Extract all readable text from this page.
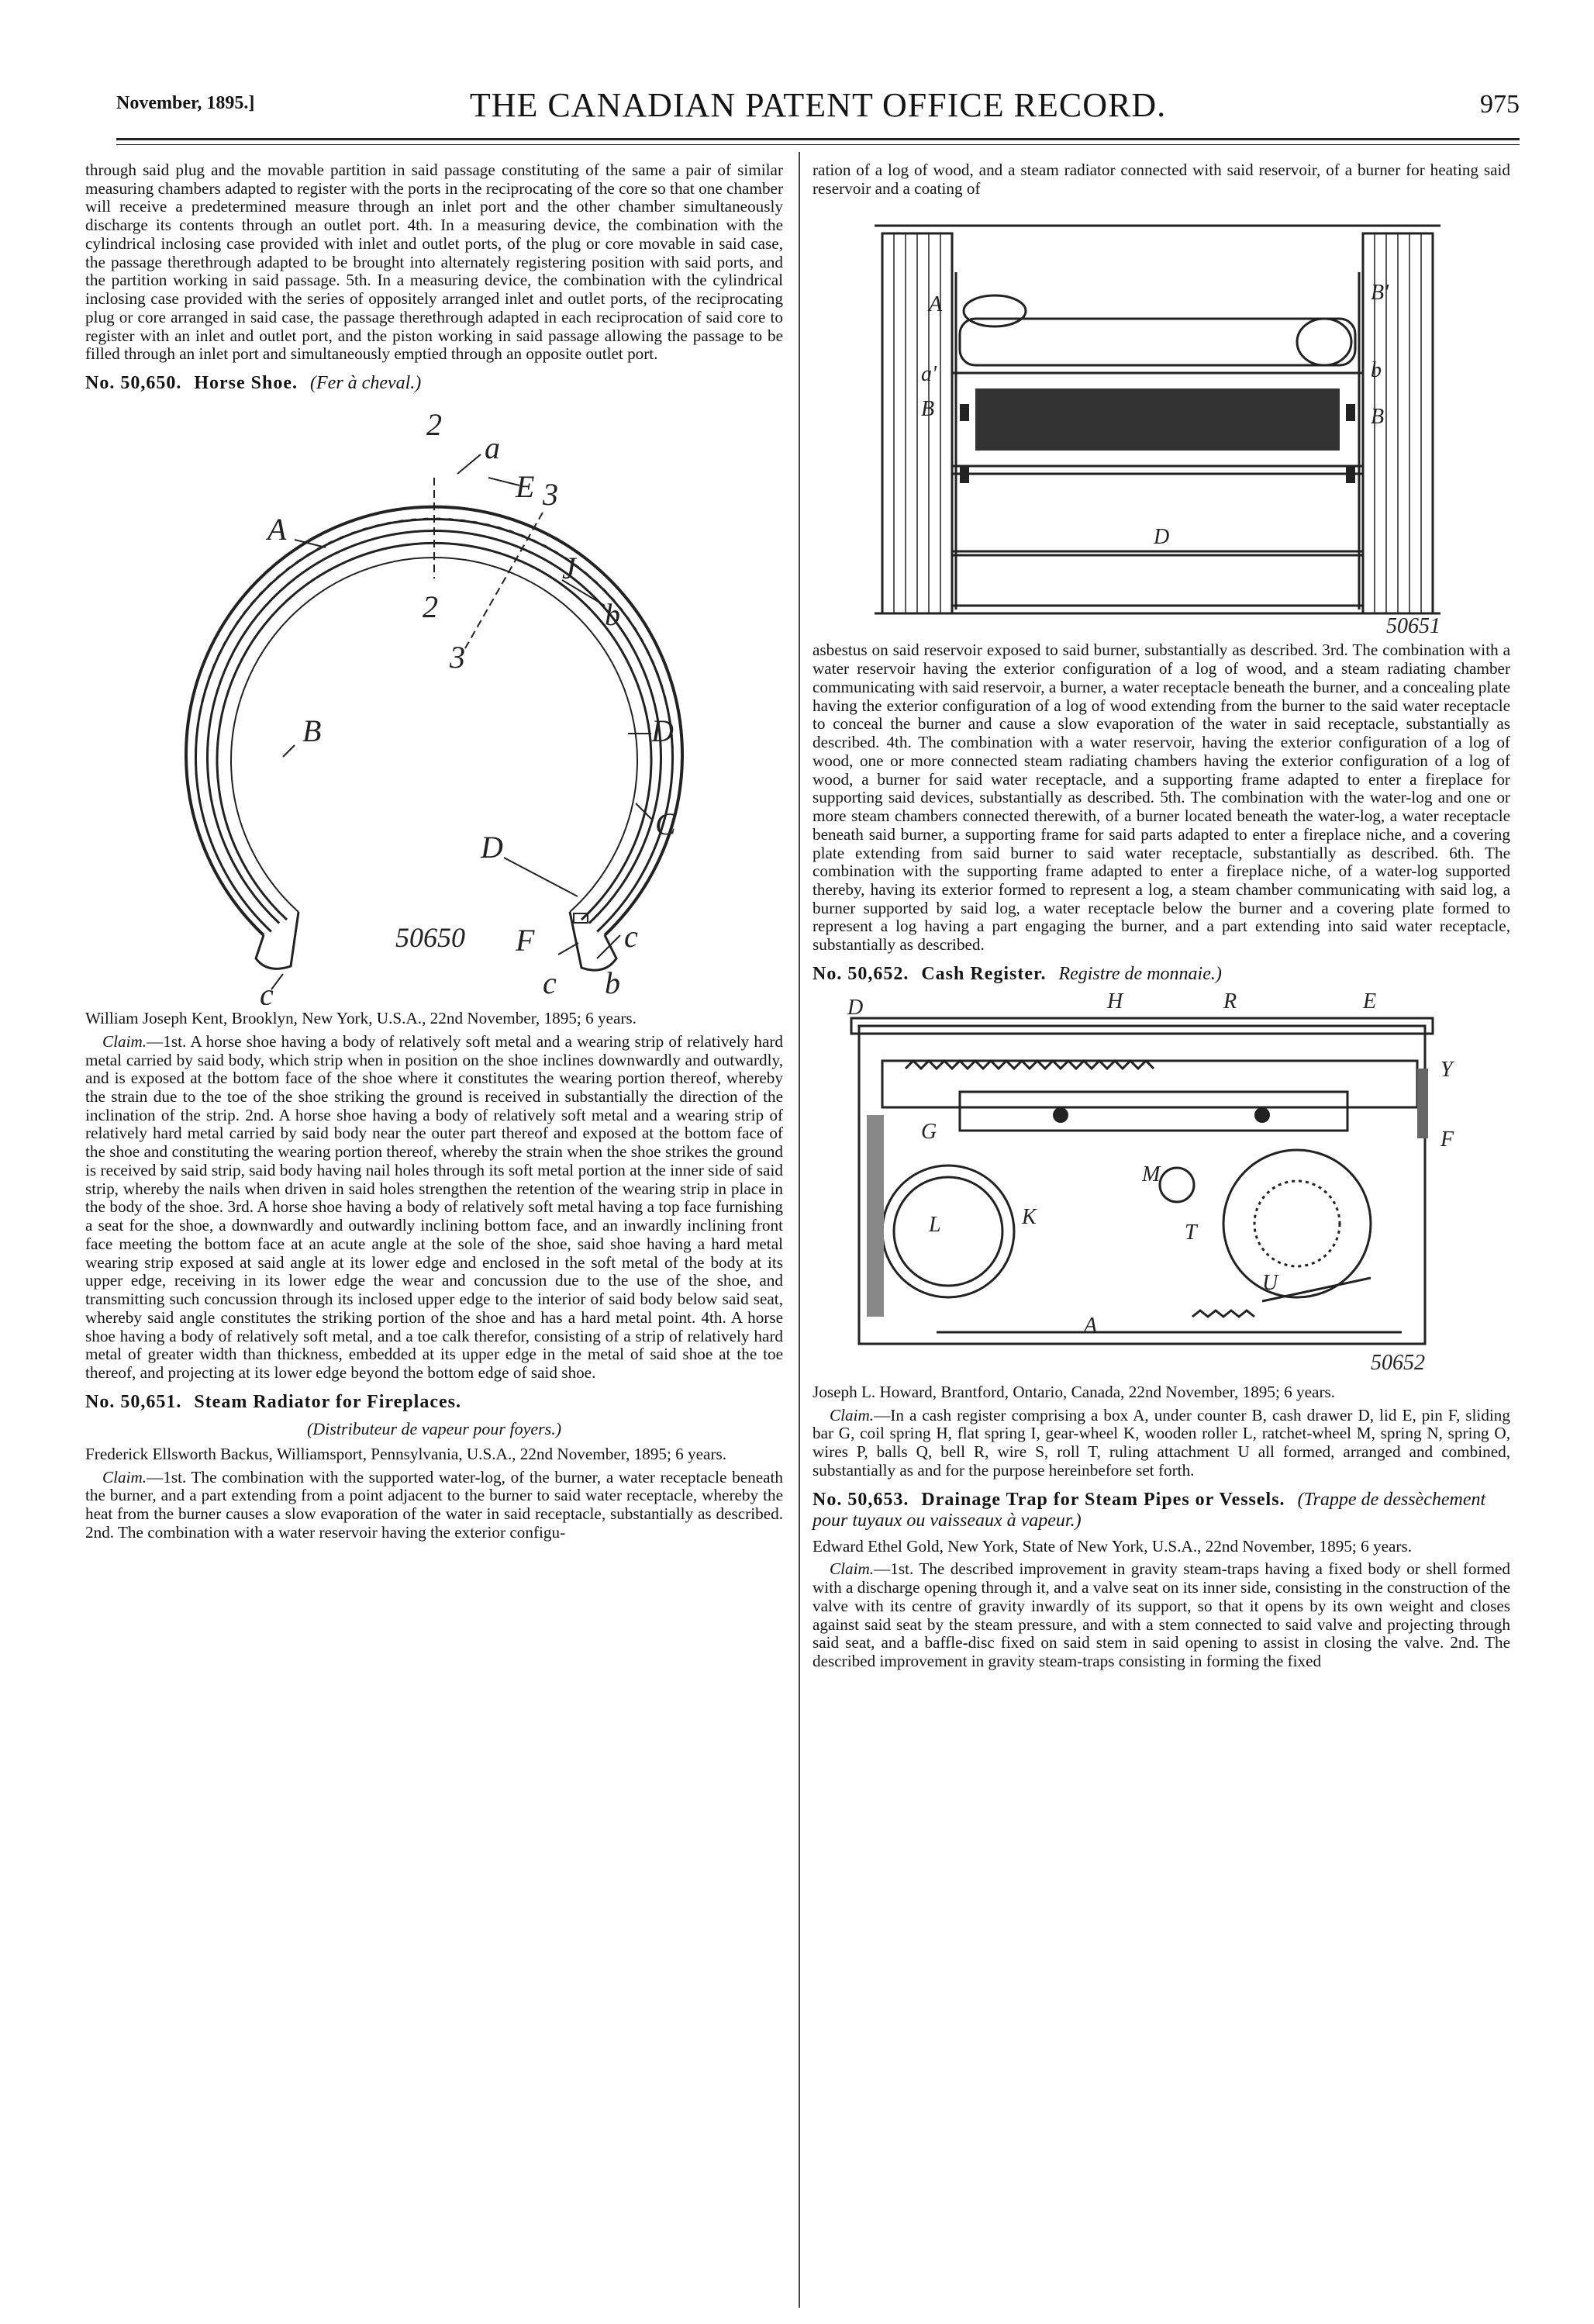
November, 1895.]	THE CANADIAN PATENT OFFICE RECORD.	975

through said plug and the movable partition in said passage constituting of the same a pair of similar measuring chambers adapted to register with the ports in the reciprocating of the core so that one chamber will receive a predetermined measure through an inlet port and the other chamber simultaneously discharge its contents through an outlet port. 4th. In a measuring device, the combination with the cylindrical inclosing case provided with inlet and outlet ports, of the plug or core movable in said case, the passage therethrough adapted to be brought into alternately registering position with said ports, and the partition working in said passage. 5th. In a measuring device, the combination with the cylindrical inclosing case provided with the series of oppositely arranged inlet and outlet ports, of the reciprocating plug or core arranged in said case, the passage therethrough adapted in each reciprocation of said core to register with an inlet and outlet port, and the piston working in said passage allowing the passage to be filled through an inlet port and simultaneously emptied through an opposite outlet port.

No. 50,650. Horse Shoe. (Fer à cheval.)
2
a
E 3
A
2
J
3
b
B	D
C
D
50650 F
c	c
c
b

William Joseph Kent, Brooklyn, New York, U.S.A., 22nd November, 1895; 6 years.

Claim.—1st. A horse shoe having a body of relatively soft metal and a wearing strip of relatively hard metal carried by said body, which strip when in position on the shoe inclines downwardly and outwardly, and is exposed at the bottom face of the shoe where it constitutes the wearing portion thereof, whereby the strain due to the toe of the shoe striking the ground is received in substantially the direction of the inclination of the strip. 2nd. A horse shoe having a body of relatively soft metal and a wearing strip of relatively hard metal carried by said body near the outer part thereof and exposed at the bottom face of the shoe and constituting the wearing portion thereof, whereby the strain when the shoe strikes the ground is received by said strip, said body having nail holes through its soft metal portion at the inner side of said strip, whereby the nails when driven in said holes strengthen the retention of the wearing strip in place in the body of the shoe. 3rd. A horse shoe having a body of relatively soft metal having a top face furnishing a seat for the shoe, a downwardly and outwardly inclining bottom face, and an inwardly inclining front face meeting the bottom face at an acute angle at the sole of the shoe, said shoe having a hard metal wearing strip exposed at said angle at its lower edge and enclosed in the soft metal of the body at its upper edge, receiving in its lower edge the wear and concussion due to the use of the shoe, and transmitting such concussion through its inclosed upper edge to the interior of said body below said seat, whereby said angle constitutes the striking portion of the shoe and has a hard metal point. 4th. A horse shoe having a body of relatively soft metal, and a toe calk therefor, consisting of a strip of relatively hard metal of greater width than thickness, embedded at its upper edge in the metal of said shoe at the toe thereof, and projecting at its lower edge beyond the bottom edge of said shoe.

No. 50,651. Steam Radiator for Fireplaces.
(Distributeur de vapeur pour foyers.)

Frederick Ellsworth Backus, Williamsport, Pennsylvania, U.S.A., 22nd November, 1895; 6 years.

Claim.—1st. The combination with the supported water-log, of the burner, a water receptacle beneath the burner, and a part extending from a point adjacent to the burner to said water receptacle, whereby the heat from the burner causes a slow evaporation of the water in said receptacle, substantially as described. 2nd. The combination with a water reservoir having the exterior configu-

ration of a log of wood, and a steam radiator connected with said reservoir, of a burner for heating said reservoir and a coating of

A	B'
a'
B
b
B
D
50651

asbestus on said reservoir exposed to said burner, substantially as described. 3rd. The combination with a water reservoir having the exterior configuration of a log of wood, and a steam radiating chamber communicating with said reservoir, a burner, a water receptacle beneath the burner, and a concealing plate having the exterior configuration of a log of wood extending from the burner to the said water receptacle to conceal the burner and cause a slow evaporation of the water in said receptacle, substantially as described. 4th. The combination with a water reservoir, having the exterior configuration of a log of wood, one or more connected steam radiating chambers having the exterior configuration of a log of wood, a burner for said water receptacle, and a supporting frame adapted to enter a fireplace for supporting said devices, substantially as described. 5th. The combination with the water-log and one or more steam chambers connected therewith, of a burner located beneath the water-log, a water receptacle beneath said burner, a supporting frame for said parts adapted to enter a fireplace niche, and a covering plate extending from said burner to said water receptacle, substantially as described. 6th. The combination with the supporting frame adapted to enter a fireplace niche, of a water-log supported thereby, having its exterior formed to represent a log, a steam chamber communicating with said log, a burner supported by said log, a water receptacle below the burner and a covering plate formed to represent a log having a part engaging the burner, and a part extending into said water receptacle, substantially as described.

No. 50,652. Cash Register. Registre de monnaie.)
D	H	R	E
Y
G	F
L
M
K
T
A
U
50652

Joseph L. Howard, Brantford, Ontario, Canada, 22nd November, 1895; 6 years.

Claim.—In a cash register comprising a box A, under counter B, cash drawer D, lid E, pin F, sliding bar G, coil spring H, flat spring I, gear-wheel K, wooden roller L, ratchet-wheel M, spring N, spring O, wires P, balls Q, bell R, wire S, roll T, ruling attachment U all formed, arranged and combined, substantially as and for the purpose hereinbefore set forth.

No. 50,653. Drainage Trap for Steam Pipes or Vessels. (Trappe de dessèchement pour tuyaux ou vaisseaux à vapeur.)

Edward Ethel Gold, New York, State of New York, U.S.A., 22nd November, 1895; 6 years.

Claim.—1st. The described improvement in gravity steam-traps having a fixed body or shell formed with a discharge opening through it, and a valve seat on its inner side, consisting in the construction of the valve with its centre of gravity inwardly of its support, so that it opens by its own weight and closes against said seat by the steam pressure, and with a stem connected to said valve and projecting through said seat, and a baffle-disc fixed on said stem in said opening to assist in closing the valve. 2nd. The described improvement in gravity steam-traps consisting in forming the fixed
